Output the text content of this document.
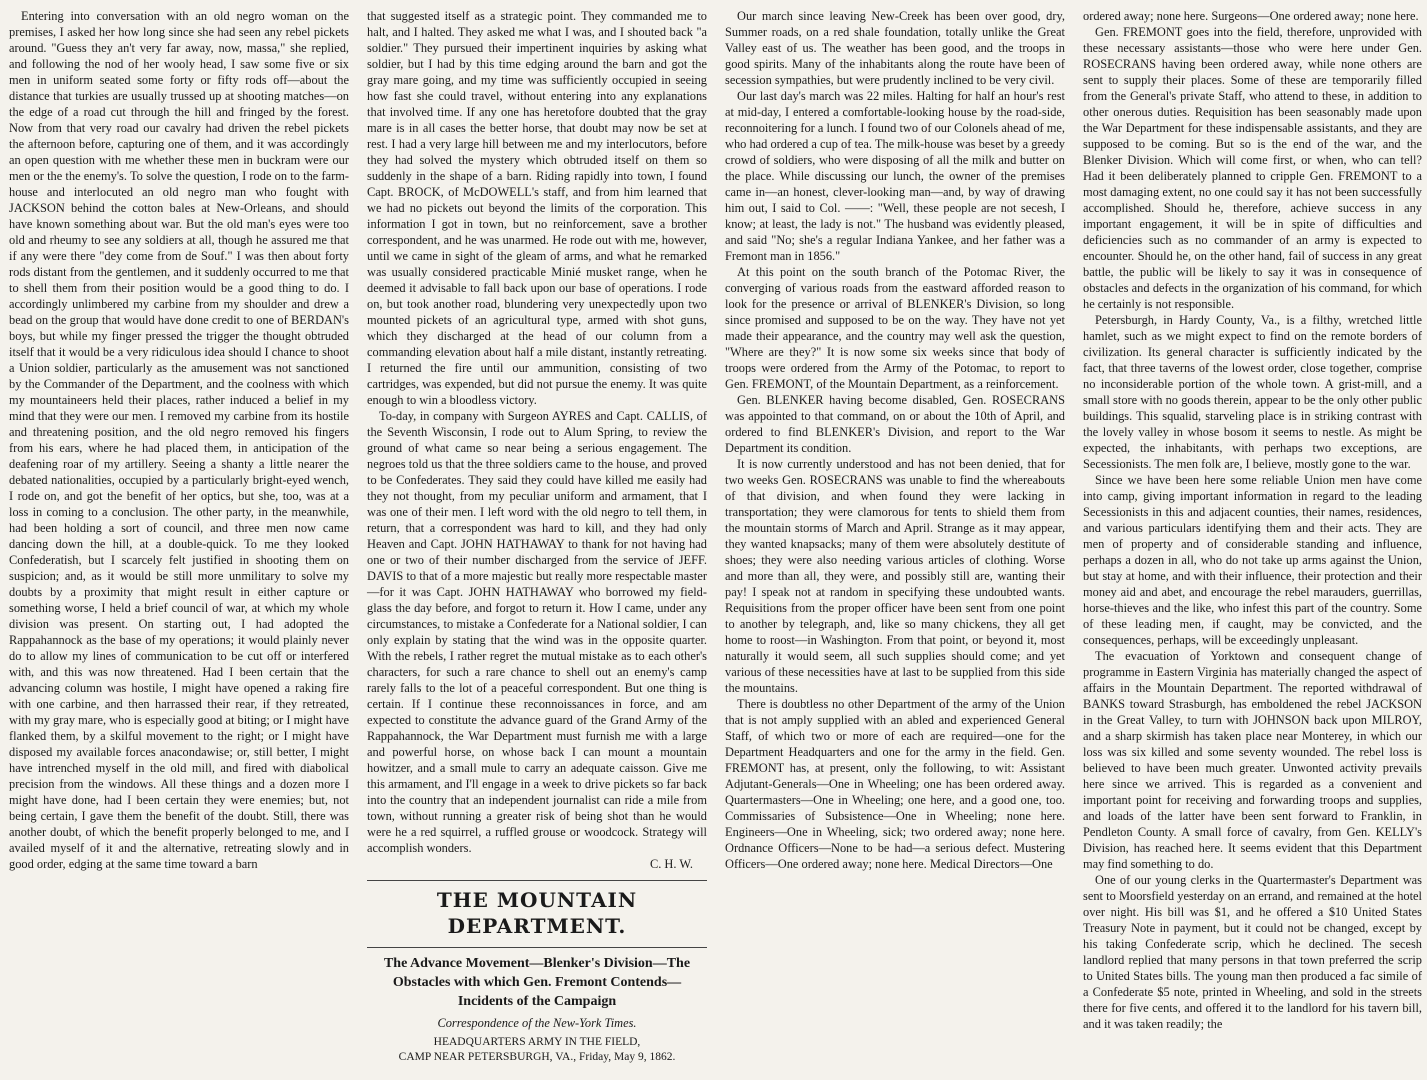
Entering into conversation with an old negro woman on the premises, I asked her how long since she had seen any rebel pickets around. "Guess they an't very far away, now, massa," she replied, and following the nod of her wooly head, I saw some five or six men in uniform seated some forty or fifty rods off—about the distance that turkies are usually trussed up at shooting matches—on the edge of a road cut through the hill and fringed by the forest. Now from that very road our cavalry had driven the rebel pickets the afternoon before, capturing one of them, and it was accordingly an open question with me whether these men in buckram were our men or the the enemy's. To solve the question, I rode on to the farm-house and interlocuted an old negro man who fought with JACKSON behind the cotton bales at New-Orleans, and should have known something about war. But the old man's eyes were too old and rheumy to see any soldiers at all, though he assured me that if any were there "dey come from de Souf." I was then about forty rods distant from the gentlemen, and it suddenly occurred to me that to shell them from their position would be a good thing to do. I accordingly unlimbered my carbine from my shoulder and drew a bead on the group that would have done credit to one of BERDAN's boys, but while my finger pressed the trigger the thought obtruded itself that it would be a very ridiculous idea should I chance to shoot a Union soldier, particularly as the amusement was not sanctioned by the Commander of the Department, and the coolness with which my mountaineers held their places, rather induced a belief in my mind that they were our men. I removed my carbine from its hostile and threatening position, and the old negro removed his fingers from his ears, where he had placed them, in anticipation of the deafening roar of my artillery. Seeing a shanty a little nearer the debated nationalities, occupied by a particularly bright-eyed wench, I rode on, and got the benefit of her optics, but she, too, was at a loss in coming to a conclusion. The other party, in the meanwhile, had been holding a sort of council, and three men now came dancing down the hill, at a double-quick. To me they looked Confederatish, but I scarcely felt justified in shooting them on suspicion; and, as it would be still more unmilitary to solve my doubts by a proximity that might result in either capture or something worse, I held a brief council of war, at which my whole division was present. On starting out, I had adopted the Rappahannock as the base of my operations; it would plainly never do to allow my lines of communication to be cut off or interfered with, and this was now threatened. Had I been certain that the advancing column was hostile, I might have opened a raking fire with one carbine, and then harrassed their rear, if they retreated, with my gray mare, who is especially good at biting; or I might have flanked them, by a skilful movement to the right; or I might have disposed my available forces anacondawise; or, still better, I might have intrenched myself in the old mill, and fired with diabolical precision from the windows. All these things and a dozen more I might have done, had I been certain they were enemies; but, not being certain, I gave them the benefit of the doubt. Still, there was another doubt, of which the benefit properly belonged to me, and I availed myself of it and the alternative, retreating slowly and in good order, edging at the same time toward a barn

that suggested itself as a strategic point. They commanded me to halt, and I halted. They asked me what I was, and I shouted back "a soldier." They pursued their impertinent inquiries by asking what soldier, but I had by this time edging around the barn and got the gray mare going, and my time was sufficiently occupied in seeing how fast she could travel, without entering into any explanations that involved time. If any one has heretofore doubted that the gray mare is in all cases the better horse, that doubt may now be set at rest. I had a very large hill between me and my interlocutors, before they had solved the mystery which obtruded itself on them so suddenly in the shape of a barn. Riding rapidly into town, I found Capt. BROCK, of McDOWELL's staff, and from him learned that we had no pickets out beyond the limits of the corporation. This information I got in town, but no reinforcement, save a brother correspondent, and he was unarmed. He rode out with me, however, until we came in sight of the gleam of arms, and what he remarked was usually considered practicable Minié musket range, when he deemed it advisable to fall back upon our base of operations. I rode on, but took another road, blundering very unexpectedly upon two mounted pickets of an agricultural type, armed with shot guns, which they discharged at the head of our column from a commanding elevation about half a mile distant, instantly retreating. I returned the fire until our ammunition, consisting of two cartridges, was expended, but did not pursue the enemy. It was quite enough to win a bloodless victory.

To-day, in company with Surgeon AYRES and Capt. CALLIS, of the Seventh Wisconsin, I rode out to Alum Spring, to review the ground of what came so near being a serious engagement. The negroes told us that the three soldiers came to the house, and proved to be Confederates. They said they could have killed me easily had they not thought, from my peculiar uniform and armament, that I was one of their men. I left word with the old negro to tell them, in return, that a correspondent was hard to kill, and they had only Heaven and Capt. JOHN HATHAWAY to thank for not having had one or two of their number discharged from the service of JEFF. DAVIS to that of a more majestic but really more respectable master—for it was Capt. JOHN HATHAWAY who borrowed my field-glass the day before, and forgot to return it. How I came, under any circumstances, to mistake a Confederate for a National soldier, I can only explain by stating that the wind was in the opposite quarter. With the rebels, I rather regret the mutual mistake as to each other's characters, for such a rare chance to shell out an enemy's camp rarely falls to the lot of a peaceful correspondent. But one thing is certain. If I continue these reconnoissances in force, and am expected to constitute the advance guard of the Grand Army of the Rappahannock, the War Department must furnish me with a large and powerful horse, on whose back I can mount a mountain howitzer, and a small mule to carry an adequate caisson. Give me this armament, and I'll engage in a week to drive pickets so far back into the country that an independent journalist can ride a mile from town, without running a greater risk of being shot than he would were he a red squirrel, a ruffled grouse or woodcock. Strategy will accomplish wonders.

C. H. W.
THE MOUNTAIN DEPARTMENT.
The Advance Movement—Blenker's Division—The Obstacles with which Gen. Fremont Contends—Incidents of the Campaign
Correspondence of the New-York Times.
HEADQUARTERS ARMY IN THE FIELD,
CAMP NEAR PETERSBURGH, VA., Friday, May 9, 1862.

Our march since leaving New-Creek has been over good, dry, Summer roads, on a red shale foundation, totally unlike the Great Valley east of us. The weather has been good, and the troops in good spirits. Many of the inhabitants along the route have been of secession sympathies, but were prudently inclined to be very civil.

Our last day's march was 22 miles. Halting for half an hour's rest at mid-day, I entered a comfortable-looking house by the road-side, reconnoitering for a lunch. I found two of our Colonels ahead of me, who had ordered a cup of tea. The milk-house was beset by a greedy crowd of soldiers, who were disposing of all the milk and butter on the place. While discussing our lunch, the owner of the premises came in—an honest, clever-looking man—and, by way of drawing him out, I said to Col. ——: "Well, these people are not secesh, I know; at least, the lady is not." The husband was evidently pleased, and said "No; she's a regular Indiana Yankee, and her father was a Fremont man in 1856."

At this point on the south branch of the Potomac River, the converging of various roads from the eastward afforded reason to look for the presence or arrival of BLENKER's Division, so long since promised and supposed to be on the way. They have not yet made their appearance, and the country may well ask the question, "Where are they?" It is now some six weeks since that body of troops were ordered from the Army of the Potomac, to report to Gen. FREMONT, of the Mountain Department, as a reinforcement.

Gen. BLENKER having become disabled, Gen. ROSECRANS was appointed to that command, on or about the 10th of April, and ordered to find BLENKER's Division, and report to the War Department its condition.

It is now currently understood and has not been denied, that for two weeks Gen. ROSECRANS was unable to find the whereabouts of that division, and when found they were lacking in transportation; they were clamorous for tents to shield them from the mountain storms of March and April. Strange as it may appear, they wanted knapsacks; many of them were absolutely destitute of shoes; they were also needing various articles of clothing. Worse and more than all, they were, and possibly still are, wanting their pay! I speak not at random in specifying these undoubted wants. Requisitions from the proper officer have been sent from one point to another by telegraph, and, like so many chickens, they all get home to roost—in Washington. From that point, or beyond it, most naturally it would seem, all such supplies should come; and yet various of these necessities have at last to be supplied from this side the mountains.

There is doubtless no other Department of the army of the Union that is not amply supplied with an abled and experienced General Staff, of which two or more of each are required—one for the Department Headquarters and one for the army in the field. Gen. FREMONT has, at present, only the following, to wit: Assistant Adjutant-Generals—One in Wheeling; one has been ordered away. Quartermasters—One in Wheeling; one here, and a good one, too. Commissaries of Subsistence—One in Wheeling; none here. Engineers—One in Wheeling, sick; two ordered away; none here. Ordnance Officers—None to be had—a serious defect. Mustering Officers—One ordered away; none here. Medical Directors—One

ordered away; none here. Surgeons—One ordered away; none here.

Gen. FREMONT goes into the field, therefore, unprovided with these necessary assistants—those who were here under Gen. ROSECRANS having been ordered away, while none others are sent to supply their places. Some of these are temporarily filled from the General's private Staff, who attend to these, in addition to other onerous duties. Requisition has been seasonably made upon the War Department for these indispensable assistants, and they are supposed to be coming. But so is the end of the war, and the Blenker Division. Which will come first, or when, who can tell? Had it been deliberately planned to cripple Gen. FREMONT to a most damaging extent, no one could say it has not been successfully accomplished. Should he, therefore, achieve success in any important engagement, it will be in spite of difficulties and deficiencies such as no commander of an army is expected to encounter. Should he, on the other hand, fail of success in any great battle, the public will be likely to say it was in consequence of obstacles and defects in the organization of his command, for which he certainly is not responsible.

Petersburgh, in Hardy County, Va., is a filthy, wretched little hamlet, such as we might expect to find on the remote borders of civilization. Its general character is sufficiently indicated by the fact, that three taverns of the lowest order, close together, comprise no inconsiderable portion of the whole town. A grist-mill, and a small store with no goods therein, appear to be the only other public buildings. This squalid, starveling place is in striking contrast with the lovely valley in whose bosom it seems to nestle. As might be expected, the inhabitants, with perhaps two exceptions, are Secessionists. The men folk are, I believe, mostly gone to the war.

Since we have been here some reliable Union men have come into camp, giving important information in regard to the leading Secessionists in this and adjacent counties, their names, residences, and various particulars identifying them and their acts. They are men of property and of considerable standing and influence, perhaps a dozen in all, who do not take up arms against the Union, but stay at home, and with their influence, their protection and their money aid and abet, and encourage the rebel marauders, guerrillas, horse-thieves and the like, who infest this part of the country. Some of these leading men, if caught, may be convicted, and the consequences, perhaps, will be exceedingly unpleasant.

The evacuation of Yorktown and consequent change of programme in Eastern Virginia has materially changed the aspect of affairs in the Mountain Department. The reported withdrawal of BANKS toward Strasburgh, has emboldened the rebel JACKSON in the Great Valley, to turn with JOHNSON back upon MILROY, and a sharp skirmish has taken place near Monterey, in which our loss was six killed and some seventy wounded. The rebel loss is believed to have been much greater. Unwonted activity prevails here since we arrived. This is regarded as a convenient and important point for receiving and forwarding troops and supplies, and loads of the latter have been sent forward to Franklin, in Pendleton County. A small force of cavalry, from Gen. KELLY's Division, has reached here. It seems evident that this Department may find something to do.

One of our young clerks in the Quartermaster's Department was sent to Moorsfield yesterday on an errand, and remained at the hotel over night. His bill was $1, and he offered a $10 United States Treasury Note in payment, but it could not be changed, except by his taking Confederate scrip, which he declined. The secesh landlord replied that many persons in that town preferred the scrip to United States bills. The young man then produced a fac simile of a Confederate $5 note, printed in Wheeling, and sold in the streets there for five cents, and offered it to the landlord for his tavern bill, and it was taken readily; the
